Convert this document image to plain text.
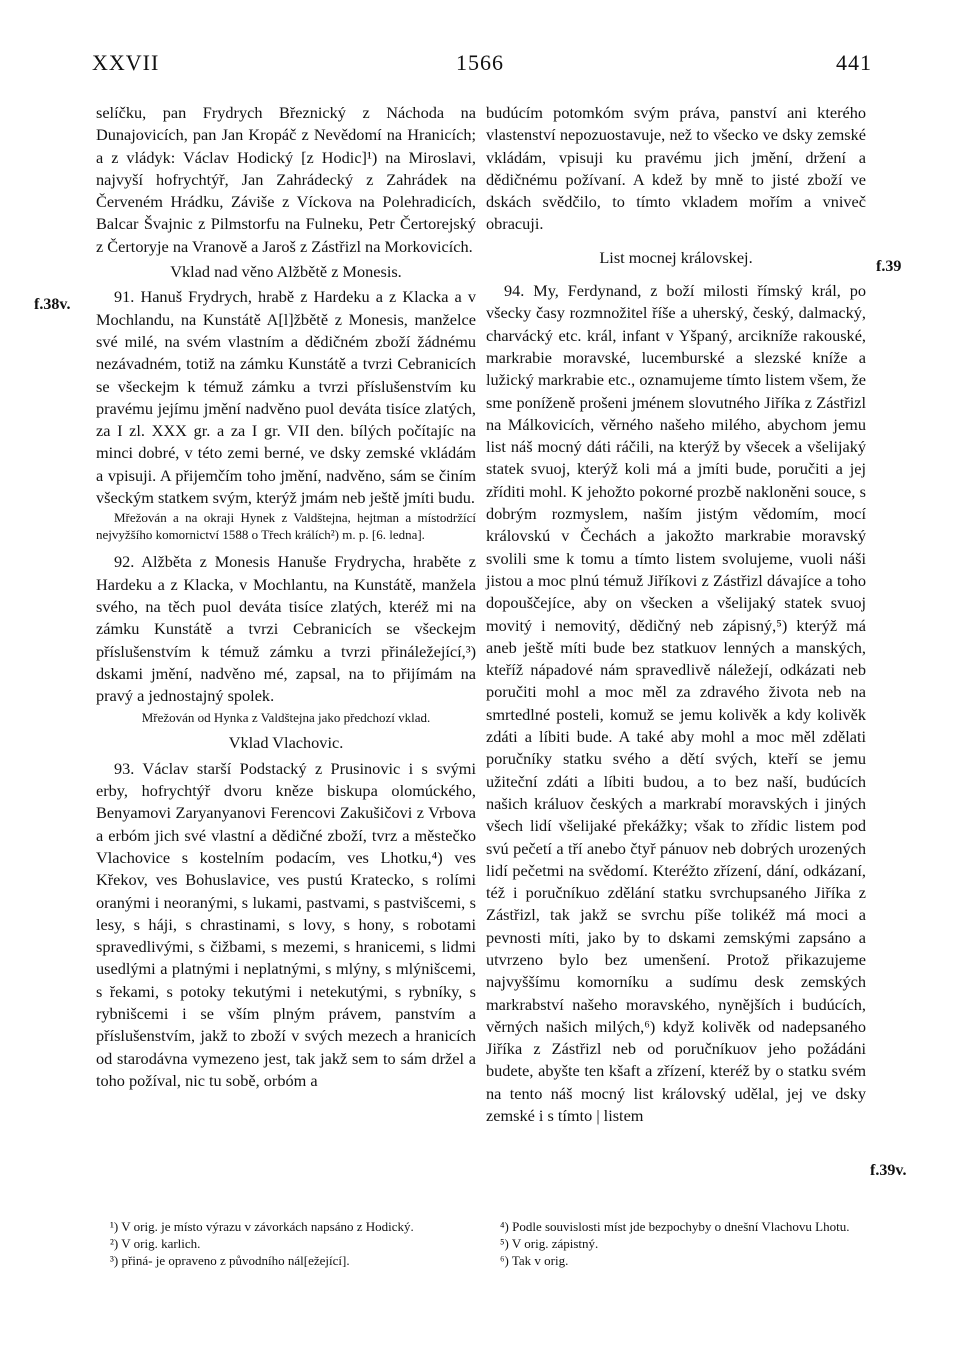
XXVII	1566	441
f.38v.
f.39
f.39v.

selíčku, pan Frydrych Březnický z Náchoda na Dunajovicích, pan Jan Kropáč z Nevědomí na Hranicích; a z vládyk: Václav Hodický [z Hodic]¹) na Miroslavi, najvyší hofrychtýř, Jan Zahrádecký z Zahrádek na Červeném Hrádku, Záviše z Víckova na Polehradicích, Balcar Švajnic z Pilmstorfu na Fulneku, Petr Čertorejský z Čertoryje na Vranově a Jaroš z Zástřizl na Morkovicích.

Vklad nad věno Alžbětě z Monesis.

91. Hanuš Frydrych, hrabě z Hardeku a z Klacka a v Mochlandu, na Kunstátě A[l]žbětě z Monesis, manželce své milé, na svém vlastním a dědičném zboží žádnému nezávadném, totiž na zámku Kunstátě a tvrzi Cebranicích se všeckejm k témuž zámku a tvrzi příslušenstvím ku pravému jejímu jmění nadvěno puol deváta tisíce zlatých, za I zl. XXX gr. a za I gr. VII den. bílých počítajíc na minci dobré, v této zemi berné, ve dsky zemské vkládám a vpisuji. A přijemčím toho jmění, nadvěno, sám se činím všeckým statkem svým, kterýž jmám neb ještě jmíti budu.

Mřežován a na okraji Hynek z Valdštejna, hejtman a místodržící nejvyžšího komornictví 1588 o Třech králích²) m. p. [6. ledna].

92. Alžběta z Monesis Hanuše Frydrycha, hraběte z Hardeku a z Klacka, v Mochlantu, na Kunstátě, manžela svého, na těch puol deváta tisíce zlatých, kteréž mi na zámku Kunstátě a tvrzi Cebranicích se všeckejm příslušenstvím k témuž zámku a tvrzi přináležející,³) dskami jmění, nadvěno mé, zapsal, na to přijímám na pravý a jednostajný spolek.

Mřežován od Hynka z Valdštejna jako předchozí vklad.

Vklad Vlachovic.

93. Václav starší Podstacký z Prusinovic i s svými erby, hofrychtýř dvoru kněze biskupa olomúckého, Benyamovi Zaryanyanovi Ferencovi Zakušičovi z Vrbova a erbóm jich své vlastní a dědičné zboží, tvrz a městečko Vlachovice s kostelním podacím, ves Lhotku,⁴) ves Křekov, ves Bohuslavice, ves pustú Kratecko, s rolími oranými i neoranými, s lukami, pastvami, s pastvišcemi, s lesy, s háji, s chrastinami, s lovy, s hony, s robotami spravedlivými, s čižbami, s mezemi, s hranicemi, s lidmi usedlými a platnými i neplatnými, s mlýny, s mlýnišcemi, s řekami, s potoky tekutými i netekutými, s rybníky, s rybnišcemi i se vším plným právem, panstvím a příslušenstvím, jakž to zboží v svých mezech a hranicích od starodávna vymezeno jest, tak jakž sem to sám držel a toho požíval, nic tu sobě, orbóm a

budúcím potomkóm svým práva, panství ani kterého vlastenství nepozuostavuje, než to všecko ve dsky zemské vkládám, vpisuji ku pravému jich jmění, držení a dědičnému požívaní. A kdež by mně to jisté zboží ve dskách svědčilo, to tímto vkladem mořím a vniveč obracuji.

List mocnej královskej.

94. My, Ferdynand, z boží milosti římský král, po všecky časy rozmnožitel říše a uherský, český, dalmacký, charvácký etc. král, infant v Yšpaný, arcikníže rakouské, markrabie moravské, lucemburské a slezské kníže a lužický markrabie etc., oznamujeme tímto listem všem, že sme poníženě prošeni jménem slovutného Jiříka z Zástřizl na Málkovicích, věrného našeho milého, abychom jemu list náš mocný dáti ráčili, na kterýž by všecek a všelijaký statek svuoj, kterýž koli má a jmíti bude, poručiti a jej zříditi mohl. K jehožto pokorné prozbě nakloněni souce, s dobrým rozmyslem, naším jistým vědomím, mocí královskú v Čechách a jakožto markrabie moravský svolili sme k tomu a tímto listem svolujeme, vuoli náši jistou a moc plnú témuž Jiříkovi z Zástřizl dávajíce a toho dopouščejíce, aby on všecken a všelijaký statek svuoj movitý i nemovitý, dědičný neb zápisný,⁵) kterýž má aneb ještě míti bude bez statkuov lenných a manských, kteříž nápadové nám spravedlivě náležejí, odkázati neb poručiti mohl a moc měl za zdravého života neb na smrtedlné posteli, komuž se jemu kolivěk a kdy kolivěk zdáti a líbiti bude. A také aby mohl a moc měl zdělati poručníky statku svého a dětí svých, kteří se jemu užiteční zdáti a líbiti budou, a to bez naší, budúcích našich králuov českých a markrabí moravských i jiných všech lidí všelijaké překážky; však to zřídic listem pod svú pečetí a tří anebo čtyř pánuov neb dobrých urozených lidí pečetmi na svědomí. Kteréžto zřízení, dání, odkázaní, též i poručníkuo zdělání statku svrchupsaného Jiříka z Zástřizl, tak jakž se svrchu píše tolikéž má moci a pevnosti míti, jako by to dskami zemskými zapsáno a utvrzeno bylo bez umenšení. Protož přikazujeme najvyššímu komorníku a sudímu desk zemských markrabství našeho moravského, nynějších i budúcích, věrných našich milých,⁶) když kolivěk od nadepsaného Jiříka z Zástřizl neb od poručníkuov jeho požádáni budete, abyšte ten kšaft a zřízení, kteréž by o statku svém na tento náš mocný list královský udělal, jej ve dsky zemské i s tímto | listem

¹) V orig. je místo výrazu v závorkách napsáno z Hodický.

²) V orig. karlich.

³) přiná- je opraveno z původního nál[ežející].

⁴) Podle souvislosti míst jde bezpochyby o dnešní Vlachovu Lhotu.

⁵) V orig. zápistný.

⁶) Tak v orig.
